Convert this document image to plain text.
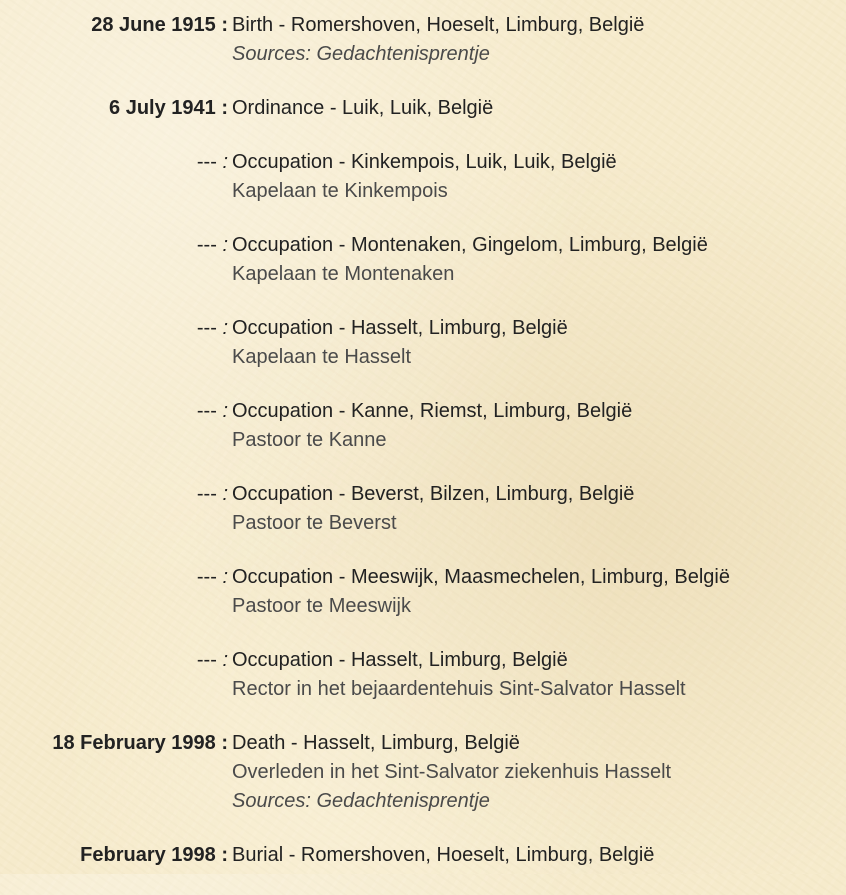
28 June 1915 : Birth - Romershoven, Hoeselt, Limburg, België
Sources: Gedachtenisprentje
6 July 1941 : Ordinance - Luik, Luik, België
--- : Occupation - Kinkempois, Luik, Luik, België
Kapelaan te Kinkempois
--- : Occupation - Montenaken, Gingelom, Limburg, België
Kapelaan te Montenaken
--- : Occupation - Hasselt, Limburg, België
Kapelaan te Hasselt
--- : Occupation - Kanne, Riemst, Limburg, België
Pastoor te Kanne
--- : Occupation - Beverst, Bilzen, Limburg, België
Pastoor te Beverst
--- : Occupation - Meeswijk, Maasmechelen, Limburg, België
Pastoor te Meeswijk
--- : Occupation - Hasselt, Limburg, België
Rector in het bejaardentehuis Sint-Salvator Hasselt
18 February 1998 : Death - Hasselt, Limburg, België
Overleden in het Sint-Salvator ziekenhuis Hasselt
Sources: Gedachtenisprentje
February 1998 : Burial - Romershoven, Hoeselt, Limburg, België
